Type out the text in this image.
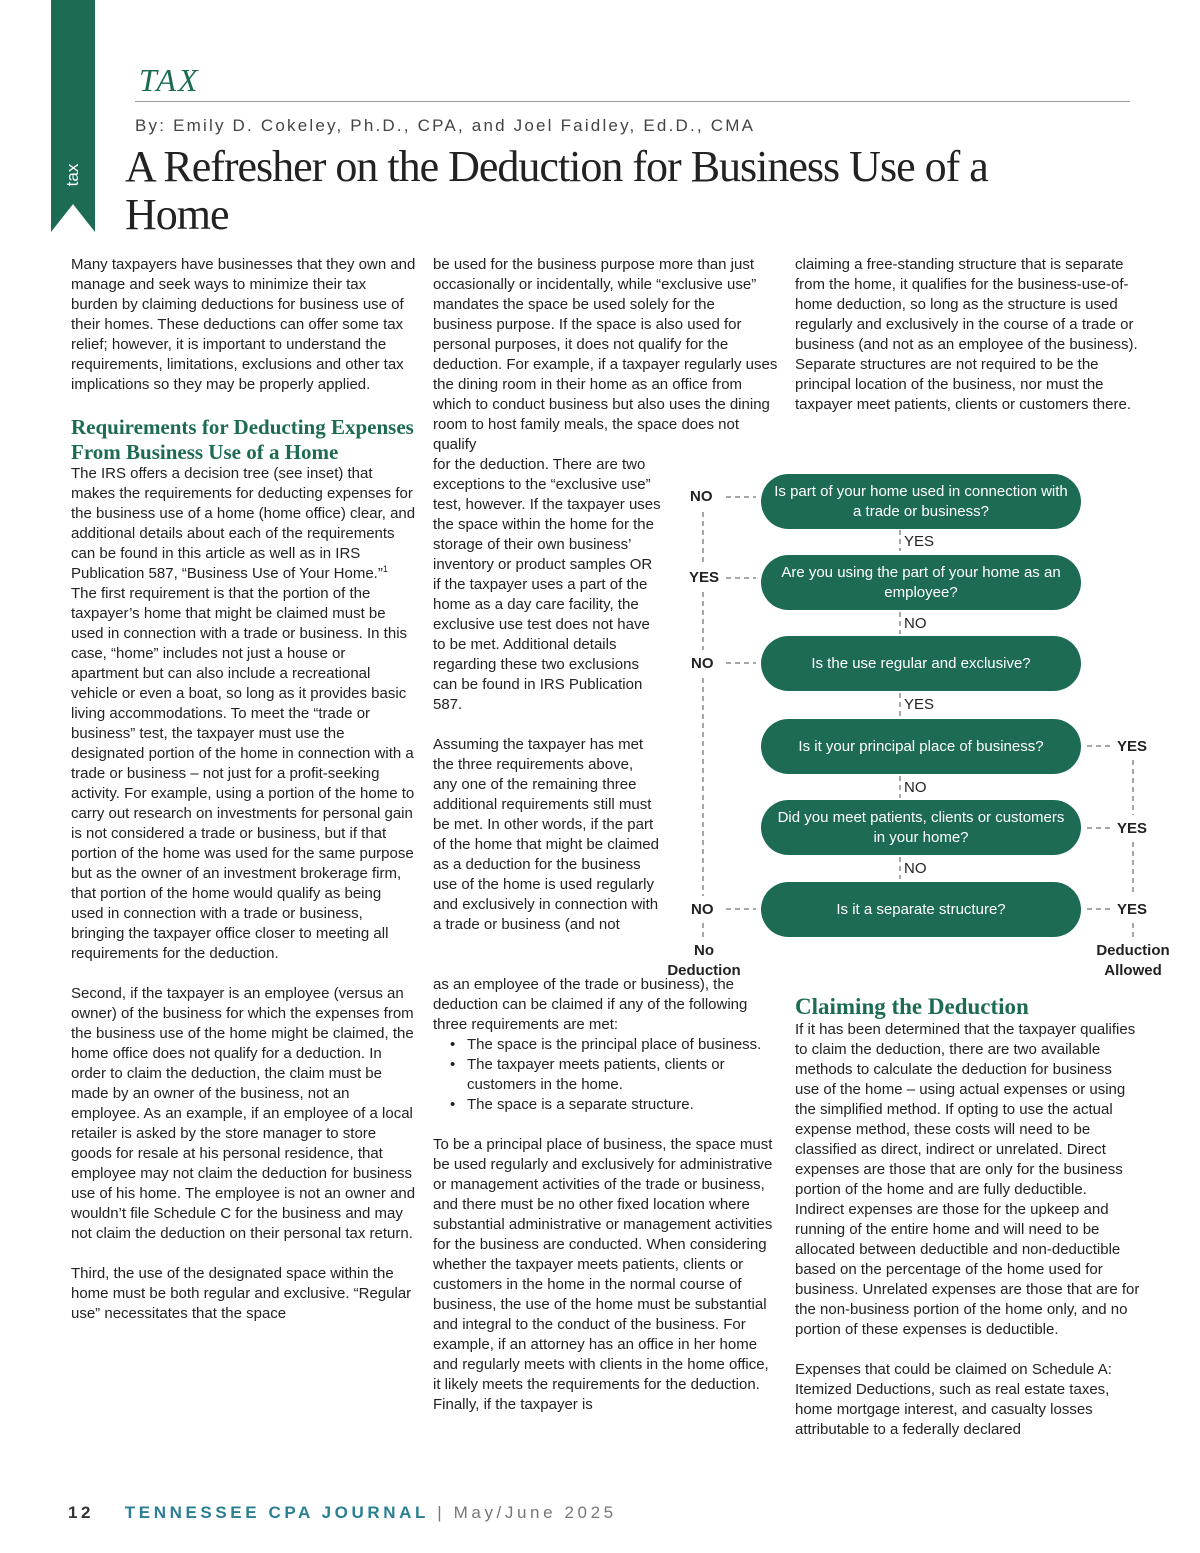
tax
TAX
By: Emily D. Cokeley, Ph.D., CPA, and Joel Faidley, Ed.D., CMA
A Refresher on the Deduction for Business Use of a Home

Many taxpayers have businesses that they own and manage and seek ways to minimize their tax burden by claiming deductions for business use of their homes. These deductions can offer some tax relief; however, it is important to understand the requirements, limitations, exclusions and other tax implications so they may be properly applied.

Requirements for Deducting Expenses From Business Use of a Home

The IRS offers a decision tree (see inset) that makes the requirements for deducting expenses for the business use of a home (home office) clear, and additional details about each of the requirements can be found in this article as well as in IRS Publication 587, “Business Use of Your Home.”$^1$ The first requirement is that the portion of the taxpayer’s home that might be claimed must be used in connection with a trade or business. In this case, “home” includes not just a house or apartment but can also include a recreational vehicle or even a boat, so long as it provides basic living accommodations. To meet the “trade or business” test, the taxpayer must use the designated portion of the home in connection with a trade or business – not just for a profit-seeking activity. For example, using a portion of the home to carry out research on investments for personal gain is not considered a trade or business, but if that portion of the home was used for the same purpose but as the owner of an investment brokerage firm, that portion of the home would qualify as being used in connection with a trade or business, bringing the taxpayer office closer to meeting all requirements for the deduction.

Second, if the taxpayer is an employee (versus an owner) of the business for which the expenses from the business use of the home might be claimed, the home office does not qualify for a deduction. In order to claim the deduction, the claim must be made by an owner of the business, not an employee. As an example, if an employee of a local retailer is asked by the store manager to store goods for resale at his personal residence, that employee may not claim the deduction for business use of his home. The employee is not an owner and wouldn’t file Schedule C for the business and may not claim the deduction on their personal tax return.

Third, the use of the designated space within the home must be both regular and exclusive. “Regular use” necessitates that the space

be used for the business purpose more than just occasionally or incidentally, while “exclusive use” mandates the space be used solely for the business purpose. If the space is also used for personal purposes, it does not qualify for the deduction. For example, if a taxpayer regularly uses the dining room in their home as an office from which to conduct business but also uses the dining room to host family meals, the space does not qualify

for the deduction. There are two exceptions to the “exclusive use” test, however. If the taxpayer uses the space within the home for the storage of their own business’ inventory or product samples OR if the taxpayer uses a part of the home as a day care facility, the exclusive use test does not have to be met. Additional details regarding these two exclusions can be found in IRS Publication 587.

Assuming the taxpayer has met the three requirements above, any one of the remaining three additional requirements still must be met. In other words, if the part of the home that might be claimed as a deduction for the business use of the home is used regularly and exclusively in connection with a trade or business (and not

as an employee of the trade or business), the deduction can be claimed if any of the following three requirements are met:

• The space is the principal place of business.
• The taxpayer meets patients, clients or customers in the home.
• The space is a separate structure.

To be a principal place of business, the space must be used regularly and exclusively for administrative or management activities of the trade or business, and there must be no other fixed location where substantial administrative or management activities for the business are conducted. When considering whether the taxpayer meets patients, clients or customers in the home in the normal course of business, the use of the home must be substantial and integral to the conduct of the business. For example, if an attorney has an office in her home and regularly meets with clients in the home office, it likely meets the requirements for the deduction. Finally, if the taxpayer is

claiming a free-standing structure that is separate from the home, it qualifies for the business-use-of-home deduction, so long as the structure is used regularly and exclusively in the course of a trade or business (and not as an employee of the business). Separate structures are not required to be the principal location of the business, nor must the taxpayer meet patients, clients or customers there.

Claiming the Deduction

If it has been determined that the taxpayer qualifies to claim the deduction, there are two available methods to calculate the deduction for business use of the home – using actual expenses or using the simplified method. If opting to use the actual expense method, these costs will need to be classified as direct, indirect or unrelated. Direct expenses are those that are only for the business portion of the home and are fully deductible. Indirect expenses are those for the upkeep and running of the entire home and will need to be allocated between deductible and non-deductible based on the percentage of the home used for business. Unrelated expenses are those that are for the non-business portion of the home only, and no portion of these expenses is deductible.

Expenses that could be claimed on Schedule A: Itemized Deductions, such as real estate taxes, home mortgage interest, and casualty losses attributable to a federally declared

Is part of your home used in connection with a trade or business?
Are you using the part of your home as an employee?
Is the use regular and exclusive?
Is it your principal place of business?
Did you meet patients, clients or customers in your home?
Is it a separate structure?
NO
YES
NO
NO
YES
NO
YES
NO
NO
YES
YES
YES
No Deduction
Deduction Allowed
12 TENNESSEE CPA JOURNAL | May/June 2025
